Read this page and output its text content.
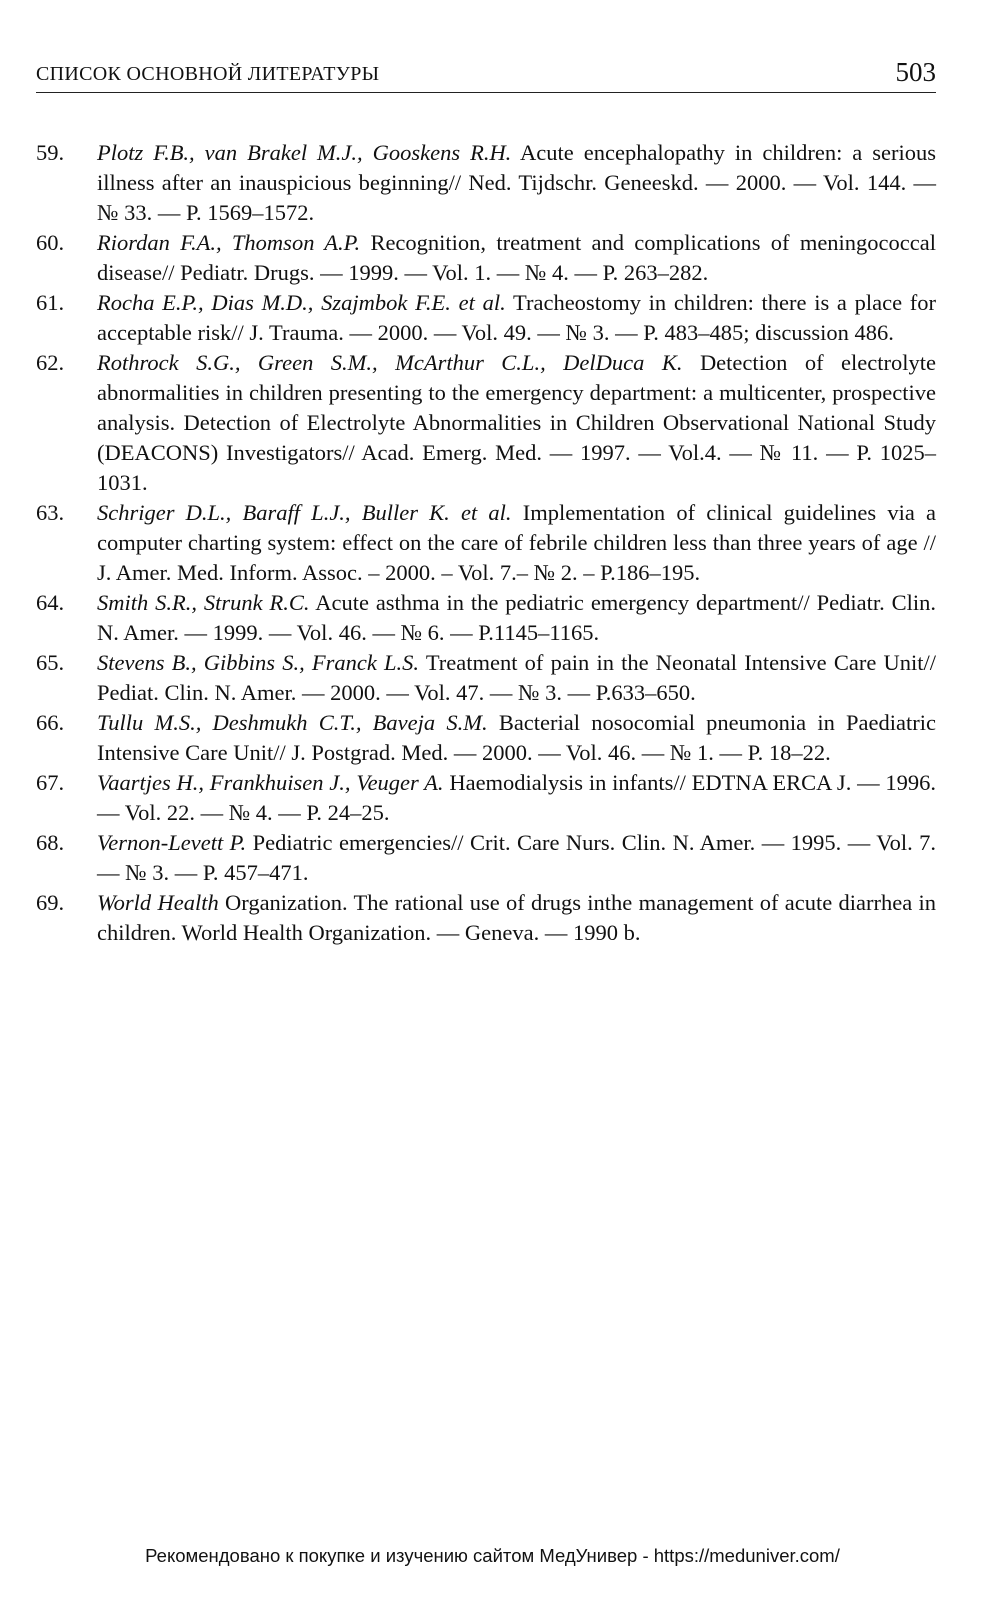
СПИСОК ОСНОВНОЙ ЛИТЕРАТУРЫ	503
59. Plotz F.B., van Brakel M.J., Gooskens R.H. Acute encephalopathy in children: a serious illness after an inauspicious beginning// Ned. Tijdschr. Geneeskd. — 2000. — Vol. 144. — № 33. — P. 1569–1572.
60. Riordan F.A., Thomson A.P. Recognition, treatment and complications of meningococcal disease// Pediatr. Drugs. — 1999. — Vol. 1. — № 4. — P. 263–282.
61. Rocha E.P., Dias M.D., Szajmbok F.E. et al. Tracheostomy in children: there is a place for acceptable risk// J. Trauma. — 2000. — Vol. 49. — № 3. — P. 483–485; discussion 486.
62. Rothrock S.G., Green S.M., McArthur C.L., DelDuca K. Detection of electrolyte abnormalities in children presenting to the emergency department: a multicenter, prospective analysis. Detection of Electrolyte Abnormalities in Children Observational National Study (DEACONS) Investigators// Acad. Emerg. Med. — 1997. — Vol.4. — № 11. — P. 1025–1031.
63. Schriger D.L., Baraff L.J., Buller K. et al. Implementation of clinical guidelines via a computer charting system: effect on the care of febrile children less than three years of age // J. Amer. Med. Inform. Assoc. – 2000. – Vol. 7.– № 2. – P.186–195.
64. Smith S.R., Strunk R.C. Acute asthma in the pediatric emergency department// Pediatr. Clin. N. Amer. — 1999. — Vol. 46. — № 6. — P.1145–1165.
65. Stevens B., Gibbins S., Franck L.S. Treatment of pain in the Neonatal Intensive Care Unit// Pediat. Clin. N. Amer. — 2000. — Vol. 47. — № 3. — P.633–650.
66. Tullu M.S., Deshmukh C.T., Baveja S.M. Bacterial nosocomial pneumonia in Paediatric Intensive Care Unit// J. Postgrad. Med. — 2000. — Vol. 46. — № 1. — P. 18–22.
67. Vaartjes H., Frankhuisen J., Veuger A. Haemodialysis in infants// EDTNA ERCA J. — 1996. — Vol. 22. — № 4. — P. 24–25.
68. Vernon-Levett P. Pediatric emergencies// Crit. Care Nurs. Clin. N. Amer. — 1995. — Vol. 7. — № 3. — P. 457–471.
69. World Health Organization. The rational use of drugs inthe management of acute diarrhea in children. World Health Organization. — Geneva. — 1990 b.
Рекомендовано к покупке и изучению сайтом МедУнивер - https://meduniver.com/
